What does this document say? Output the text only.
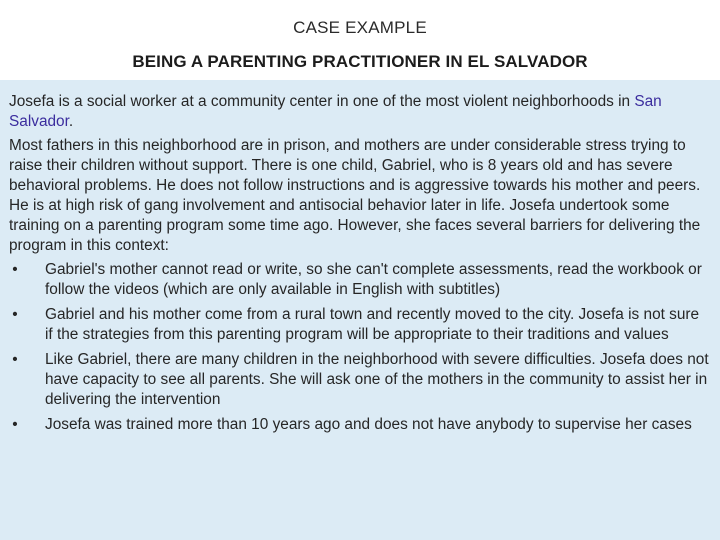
CASE EXAMPLE
BEING A PARENTING PRACTITIONER IN EL SALVADOR

Josefa is a social worker at a community center in one of the most violent neighborhoods in San Salvador.

Most fathers in this neighborhood are in prison, and mothers are under considerable stress trying to raise their children without support. There is one child, Gabriel, who is 8 years old and has severe behavioral problems. He does not follow instructions and is aggressive towards his mother and peers. He is at high risk of gang involvement and antisocial behavior later in life. Josefa undertook some training on a parenting program some time ago. However, she faces several barriers for delivering the program in this context:

• Gabriel's mother cannot read or write, so she can't complete assessments, read the workbook or follow the videos (which are only available in English with subtitles)
• Gabriel and his mother come from a rural town and recently moved to the city. Josefa is not sure if the strategies from this parenting program will be appropriate to their traditions and values
• Like Gabriel, there are many children in the neighborhood with severe difficulties. Josefa does not have capacity to see all parents. She will ask one of the mothers in the community to assist her in delivering the intervention
• Josefa was trained more than 10 years ago and does not have anybody to supervise her cases
